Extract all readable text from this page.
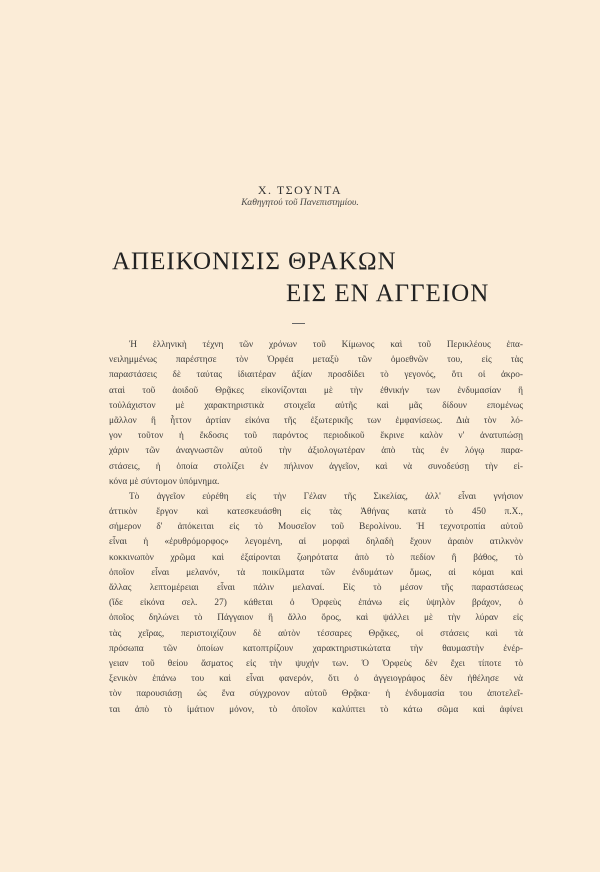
Χ. ΤΣΟΥΝΤΑ
Καθηγητού τοῦ Πανεπιστημίου.
ΑΠΕΙΚΟΝΙΣΙΣ ΘΡΑΚΩΝ
ΕΙΣ ΕΝ ΑΓΓΕΙΟΝ
Ἡ ἑλληνικὴ τέχνη τῶν χρόνων τοῦ Κίμωνος καὶ τοῦ Περικλέους ἐπα-
νειλημμένως παρέστησε τὸν Ὀρφέα μεταξὺ τῶν ὁμοεθνῶν του, εἰς τὰς
παραστάσεις δὲ ταύτας ἰδιαιτέραν ἀξίαν προσδίδει τὸ γεγονός, ὅτι οἱ ἀκρο-
αταὶ τοῦ ἀοιδοῦ Θρᾷκες εἰκονίζονται μὲ τὴν ἐθνικήν των ἐνδυμασίαν ἢ
τοὐλάχιστον μὲ χαρακτηριστικὰ στοιχεῖα αὐτῆς καὶ μᾶς δίδουν επομένως
μᾶλλον ἢ ἧττον ἀρτίαν εἰκόνα τῆς ἐξωτερικῆς των ἐμφανίσεως. Διὰ τὸν λό-
γον τοῦτον ἡ ἔκδοσις τοῦ παρόντος περιοδικοῦ ἔκρινε καλὸν ν' ἀνατυπώσῃ
χάριν τῶν ἀναγνωστῶν αὐτοῦ τὴν ἀξιολογωτέραν ἀπὸ τὰς ἐν λόγῳ παρα-
στάσεις, ἡ ὁποία στολίζει ἐν πήλινον ἀγγεῖον, καὶ νὰ συνοδεύσῃ τὴν εἰ-
κόνα μὲ σύντομον ὑπόμνημα.
Τὸ ἀγγεῖον εὑρέθη εἰς τὴν Γέλαν τῆς Σικελίας, ἀλλ' εἶναι γνήσιον
ἀττικὸν ἔργον καὶ κατεσκευάσθη εἰς τὰς Ἀθήνας κατὰ τὸ 450 π.Χ.,
σήμερον δ' ἀπόκειται εἰς τὸ Μουσεῖον τοῦ Βερολίνου. Ἡ τεχνοτροπία αὐτοῦ
εἶναι ἡ «ἐρυθρόμορφος» λεγομένη, αἱ μορφαὶ δηλαδὴ ἔχουν ἀραιὸν ατιλκνὸν
κοκκινωπὸν χρῶμα καὶ ἐξαίρονται ζωηρότατα ἀπὸ τὸ πεδίον ἢ βάθος, τὸ
ὁποῖον εἶναι μελανόν, τὰ ποικίλματα τῶν ἐνδυμάτων ὅμως, αἱ κόμαι καὶ
ἄλλας λεπτομέρειαι εἶναι πάλιν μελαναί. Εἰς τὸ μέσον τῆς παραστάσεως
(ἴδε εἰκόνα σελ. 27) κάθεται ὁ Ὀρφεὺς ἐπάνω εἰς ὑψηλὸν βράχον, ὁ
ὁποῖος δηλώνει τὸ Πάγγαιον ἢ ἄλλο ὄρος, καὶ ψάλλει μὲ τὴν λύραν εἰς
τὰς χεῖρας, περιστοιχίζουν δὲ αὐτὸν τέσσαρες Θρᾷκες, οἱ στάσεις καὶ τὰ
πρόσωπα τῶν ὁποίων κατοπτρίζουν χαρακτηριστικώτατα τὴν θαυμαστὴν ἐνέρ-
γειαν τοῦ θείου ἄσματος εἰς τὴν ψυχήν των. Ὁ Ὀρφεὺς δὲν ἔχει τίποτε τὸ
ξενικὸν ἐπάνω του καὶ εἶναι φανερόν, ὅτι ὁ ἀγγειογράφος δὲν ἠθέλησε νὰ
τὸν παρουσιάσῃ ὡς ἕνα σύγχρονον αὐτοῦ Θρᾷκα· ἡ ἐνδυμασία του ἀποτελεῖ-
ται ἀπὸ τὸ ἱμάτιον μόνον, τὸ ὁποῖον καλύπτει τὸ κάτω σῶμα καὶ ἀφίνει
